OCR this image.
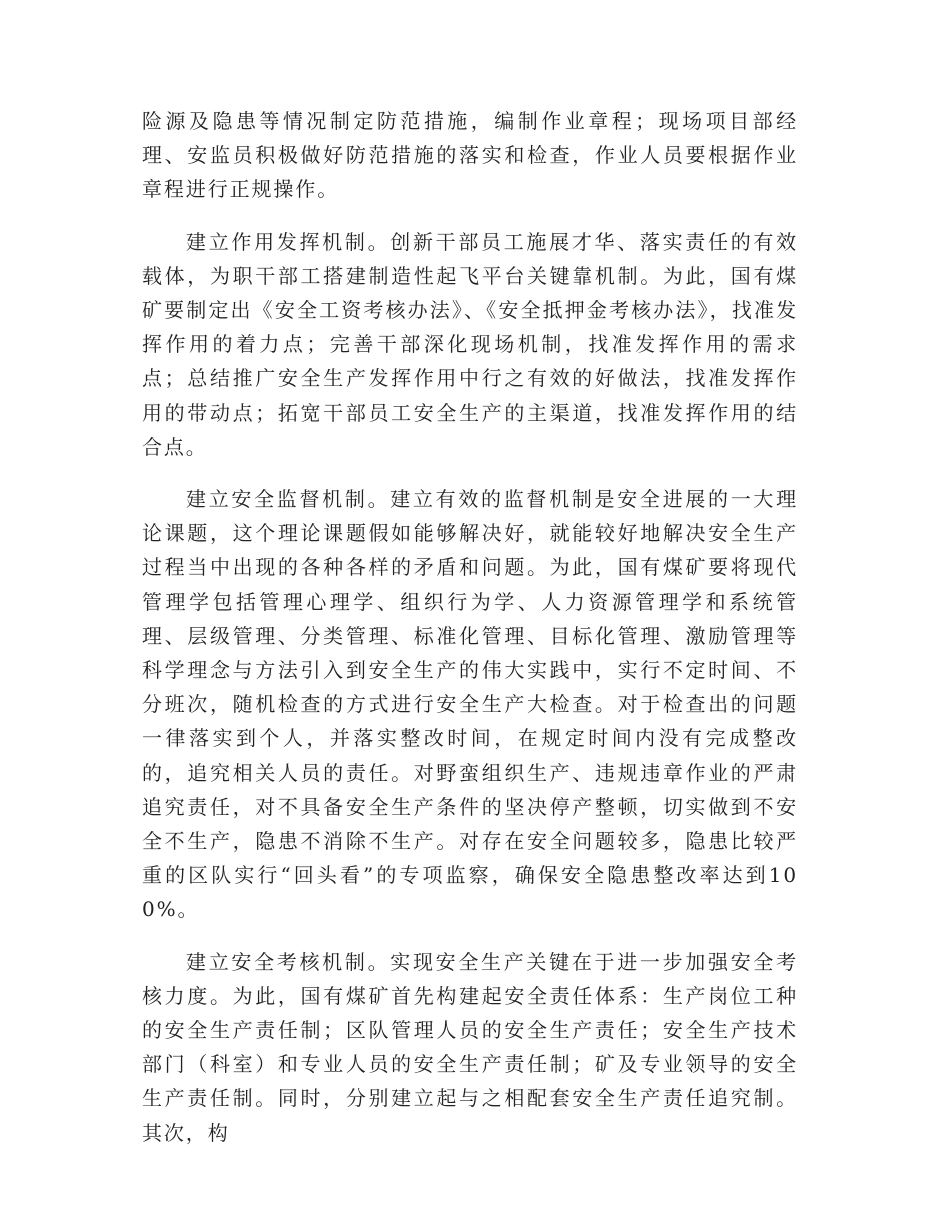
险源及隐患等情况制定防范措施，编制作业章程；现场项目部经理、安监员积极做好防范措施的落实和检查，作业人员要根据作业章程进行正规操作。

建立作用发挥机制。创新干部员工施展才华、落实责任的有效载体，为职干部工搭建制造性起飞平台关键靠机制。为此，国有煤矿要制定出《安全工资考核办法》、《安全抵押金考核办法》，找准发挥作用的着力点；完善干部深化现场机制，找准发挥作用的需求点；总结推广安全生产发挥作用中行之有效的好做法，找准发挥作用的带动点；拓宽干部员工安全生产的主渠道，找准发挥作用的结合点。

建立安全监督机制。建立有效的监督机制是安全进展的一大理论课题，这个理论课题假如能够解决好，就能较好地解决安全生产过程当中出现的各种各样的矛盾和问题。为此，国有煤矿要将现代管理学包括管理心理学、组织行为学、人力资源管理学和系统管理、层级管理、分类管理、标准化管理、目标化管理、激励管理等科学理念与方法引入到安全生产的伟大实践中，实行不定时间、不分班次，随机检查的方式进行安全生产大检查。对于检查出的问题一律落实到个人，并落实整改时间，在规定时间内没有完成整改的，追究相关人员的责任。对野蛮组织生产、违规违章作业的严肃追究责任，对不具备安全生产条件的坚决停产整顿，切实做到不安全不生产，隐患不消除不生产。对存在安全问题较多，隐患比较严重的区队实行“回头看”的专项监察，确保安全隐患整改率达到100%。

建立安全考核机制。实现安全生产关键在于进一步加强安全考核力度。为此，国有煤矿首先构建起安全责任体系：生产岗位工种的安全生产责任制；区队管理人员的安全生产责任；安全生产技术部门（科室）和专业人员的安全生产责任制；矿及专业领导的安全生产责任制。同时，分别建立起与之相配套安全生产责任追究制。其次，构
